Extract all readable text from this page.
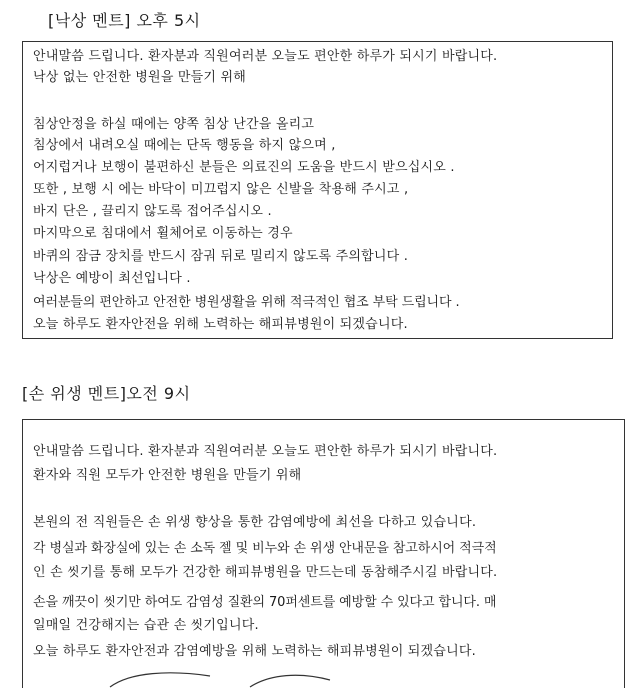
[낙상 멘트] 오후 5시
안내말씀 드립니다. 환자분과 직원여러분 오늘도 편안한 하루가 되시기 바랍니다.
낙상 없는 안전한 병원을 만들기 위해
침상안정을 하실 때에는 양쪽 침상 난간을 올리고
침상에서 내려오실 때에는 단독 행동을 하지 않으며 ,
어지럽거나 보행이 불편하신 분들은 의료진의 도움을 반드시 받으십시오 .
또한 , 보행 시 에는 바닥이 미끄럽지 않은 신발을 착용해 주시고 ,
바지 단은 , 끌리지 않도록 접어주십시오 .
마지막으로 침대에서 휠체어로 이동하는 경우
바퀴의 잠금 장치를 반드시 잠궈 뒤로 밀리지 않도록 주의합니다 .
낙상은 예방이 최선입니다 .
여러분들의 편안하고 안전한 병원생활을 위해 적극적인 협조 부탁 드립니다 .
오늘 하루도 환자안전을 위해 노력하는 해피뷰병원이 되겠습니다.
[손 위생 멘트]오전 9시
안내말씀 드립니다. 환자분과 직원여러분 오늘도 편안한 하루가 되시기 바랍니다.
환자와 직원 모두가 안전한 병원을 만들기 위해
본원의 전 직원들은 손 위생 향상을 통한 감염예방에 최선을 다하고 있습니다.
각 병실과 화장실에 있는 손 소독 젤 및 비누와 손 위생 안내문을 참고하시어 적극적
인 손 씻기를 통해 모두가 건강한 해피뷰병원을 만드는데 동참해주시길 바랍니다.
손을 깨끗이 씻기만 하여도 감염성 질환의 70퍼센트를 예방할 수 있다고 합니다. 매
일매일 건강해지는 습관 손 씻기입니다.
오늘 하루도 환자안전과 감염예방을 위해 노력하는 해피뷰병원이 되겠습니다.
